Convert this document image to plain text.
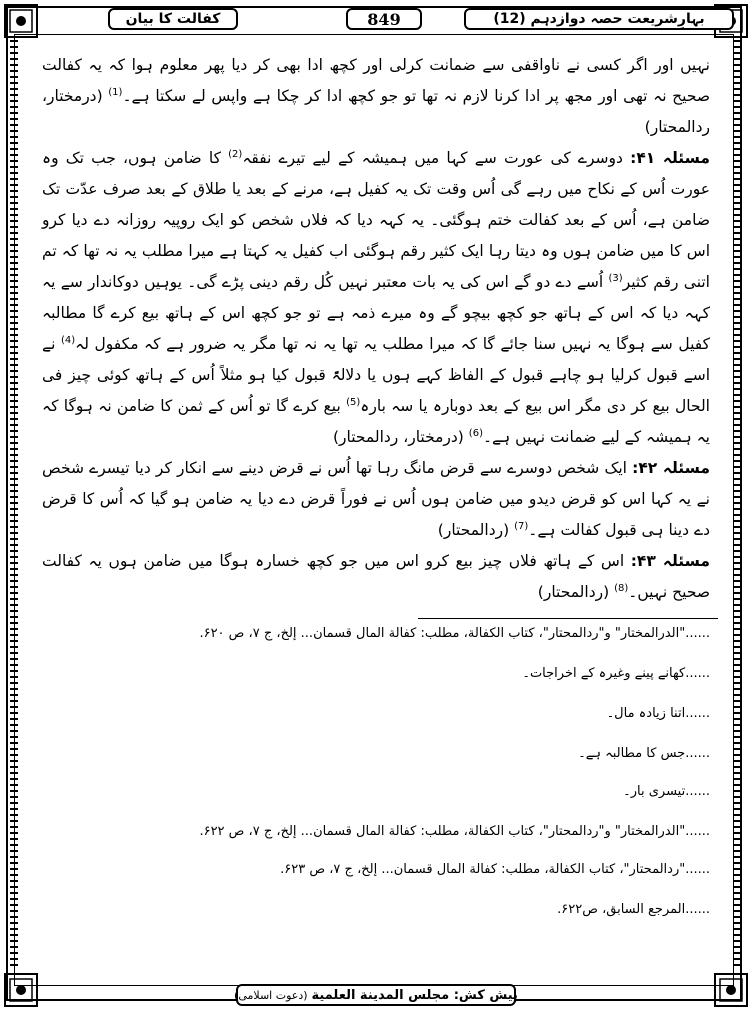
بہارِشریعت حصہ دوازدہم (12)
849
کفالت کا بیان

نہیں اور اگر کسی نے ناواقفی سے ضمانت کرلی اور کچھ ادا بھی کر دیا پھر معلوم ہوا کہ یہ کفالت صحیح نہ تھی اور مجھ پر ادا کرنا لازم نہ تھا تو جو کچھ ادا کر چکا ہے واپس لے سکتا ہے۔$^{(1)}$ (درمختار، ردالمحتار)

مسئلہ ۴۱: دوسرے کی عورت سے کہا میں ہمیشہ کے لیے تیرے نفقہ$^{(2)}$ کا ضامن ہوں، جب تک وہ عورت اُس کے نکاح میں رہے گی اُس وقت تک یہ کفیل ہے، مرنے کے بعد یا طلاق کے بعد صرف عدّت تک ضامن ہے، اُس کے بعد کفالت ختم ہوگئی۔ یہ کہہ دیا کہ فلاں شخص کو ایک روپیہ روزانہ دے دیا کرو اس کا میں ضامن ہوں وہ دیتا رہا ایک کثیر رقم ہوگئی اب کفیل یہ کہتا ہے میرا مطلب یہ نہ تھا کہ تم اتنی رقم کثیر$^{(3)}$ اُسے دے دو گے اس کی یہ بات معتبر نہیں کُل رقم دینی پڑے گی۔ یوہیں دوکاندار سے یہ کہہ دیا کہ اس کے ہاتھ جو کچھ بیچو گے وہ میرے ذمہ ہے تو جو کچھ اس کے ہاتھ بیع کرے گا مطالبہ کفیل سے ہوگا یہ نہیں سنا جائے گا کہ میرا مطلب یہ تھا یہ نہ تھا مگر یہ ضرور ہے کہ مکفول لہ$^{(4)}$ نے اسے قبول کرلیا ہو چاہے قبول کے الفاظ کہے ہوں یا دلالۃً قبول کیا ہو مثلاً اُس کے ہاتھ کوئی چیز فی الحال بیع کر دی مگر اس بیع کے بعد دوبارہ یا سہ بارہ$^{(5)}$ بیع کرے گا تو اُس کے ثمن کا ضامن نہ ہوگا کہ یہ ہمیشہ کے لیے ضمانت نہیں ہے۔$^{(6)}$ (درمختار، ردالمحتار)

مسئلہ ۴۲: ایک شخص دوسرے سے قرض مانگ رہا تھا اُس نے قرض دینے سے انکار کر دیا تیسرے شخص نے یہ کہا اس کو قرض دیدو میں ضامن ہوں اُس نے فوراً قرض دے دیا یہ ضامن ہو گیا کہ اُس کا قرض دے دینا ہی قبول کفالت ہے۔$^{(7)}$ (ردالمحتار)

مسئلہ ۴۳: اس کے ہاتھ فلاں چیز بیع کرو اس میں جو کچھ خسارہ ہوگا میں ضامن ہوں یہ کفالت صحیح نہیں۔$^{(8)}$ (ردالمحتار)

......"الدرالمختار" و"ردالمحتار"، كتاب الكفالة، مطلب: كفالة المال قسمان... إلخ، ج ۷، ص ۶۲۰.
......کھانے پینے وغیرہ کے اخراجات۔
......اتنا زیادہ مال۔
......جس کا مطالبہ ہے۔
......تیسری بار۔
......"الدرالمختار" و"ردالمحتار"، كتاب الكفالة، مطلب: كفالة المال قسمان... إلخ، ج ۷، ص ۶۲۲.
......"ردالمحتار"، كتاب الكفالة، مطلب: كفالة المال قسمان... إلخ، ج ۷، ص ۶۲۳.
......المرجع السابق، ص۶۲۲.
پیش کش: مجلس المدينة العلمية
(دعوت اسلامی)
